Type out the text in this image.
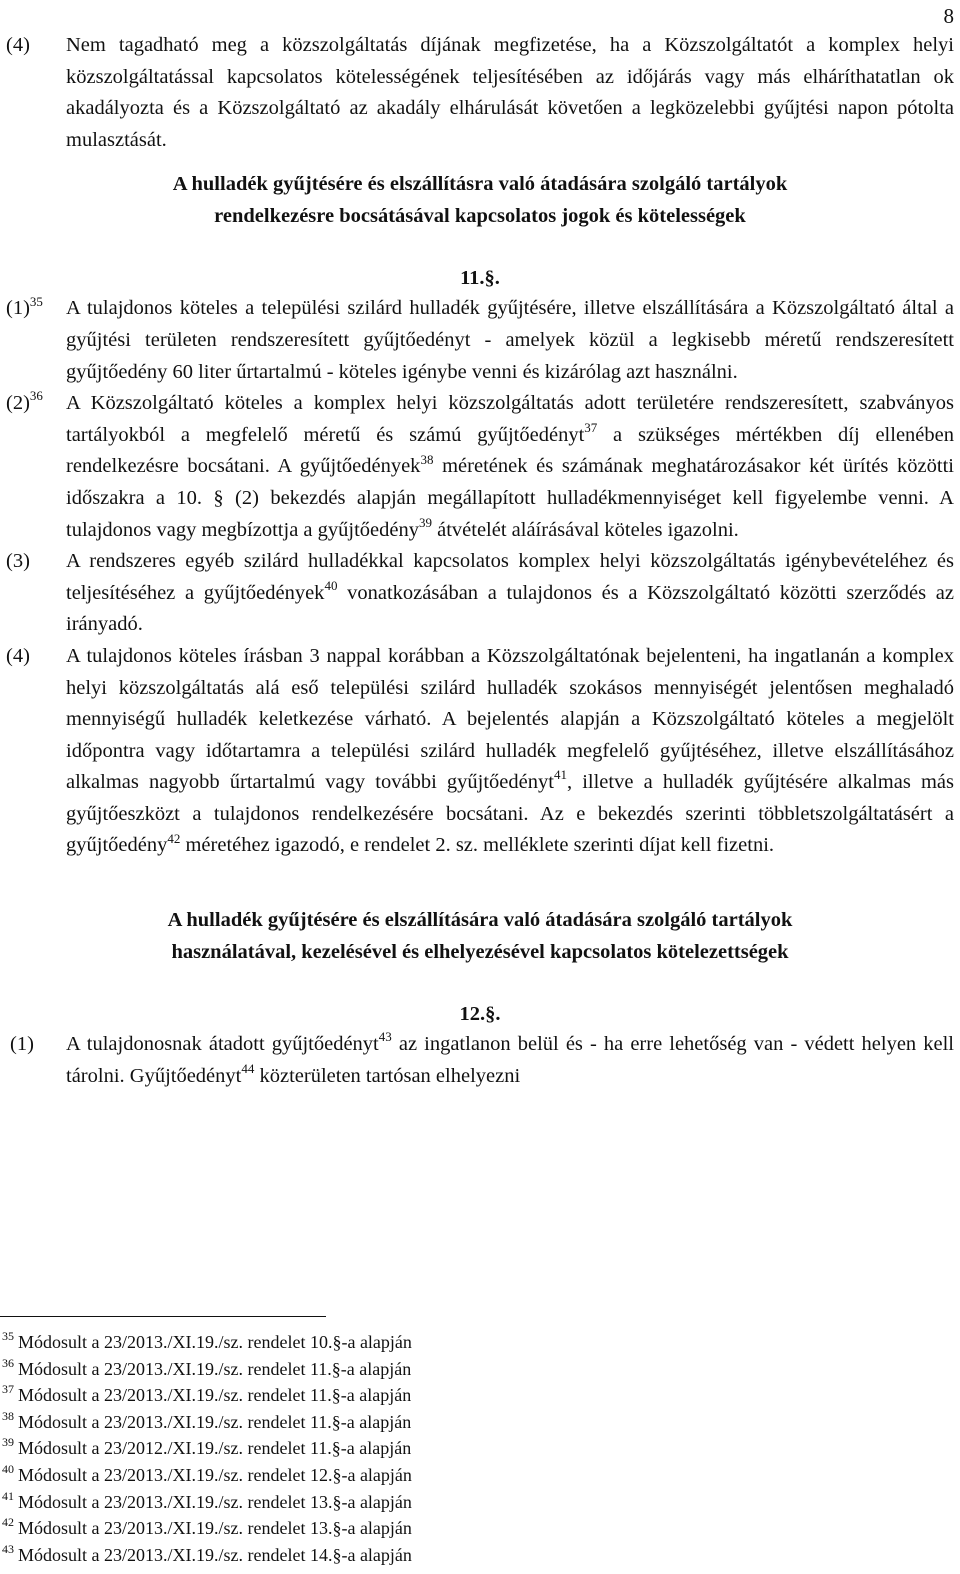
8
(4) Nem tagadható meg a közszolgáltatás díjának megfizetése, ha a Közszolgáltatót a komplex helyi közszolgáltatással kapcsolatos kötelességének teljesítésében az időjárás vagy más elháríthatatlan ok akadályozta és a Közszolgáltató az akadály elhárulását követően a legközelebbi gyűjtési napon pótolta mulasztását.
A hulladék gyűjtésére és elszállításra való átadására szolgáló tartályok
rendelkezésre bocsátásával kapcsolatos jogok és kötelességek
11.§.
$(1)^{35}$ A tulajdonos köteles a települési szilárd hulladék gyűjtésére, illetve elszállítására a Közszolgáltató által a gyűjtési területen rendszeresített gyűjtőedényt - amelyek közül a legkisebb méretű rendszeresített gyűjtőedény 60 liter űrtartalmú - köteles igénybe venni és kizárólag azt használni.
$(2)^{36}$ A Közszolgáltató köteles a komplex helyi közszolgáltatás adott területére rendszeresített, szabványos tartályokból a megfelelő méretű és számú gyűjtőedényt$^{37}$ a szükséges mértékben díj ellenében rendelkezésre bocsátani. A gyűjtőedények$^{38}$ méretének és számának meghatározásakor két ürítés közötti időszakra a 10. § (2) bekezdés alapján megállapított hulladékmennyiséget kell figyelembe venni. A tulajdonos vagy megbízottja a gyűjtőedény$^{39}$ átvételét aláírásával köteles igazolni.
(3) A rendszeres egyéb szilárd hulladékkal kapcsolatos komplex helyi közszolgáltatás igénybevételéhez és teljesítéséhez a gyűjtőedények$^{40}$ vonatkozásában a tulajdonos és a Közszolgáltató közötti szerződés az irányadó.
(4) A tulajdonos köteles írásban 3 nappal korábban a Közszolgáltatónak bejelenteni, ha ingatlanán a komplex helyi közszolgáltatás alá eső települési szilárd hulladék szokásos mennyiségét jelentősen meghaladó mennyiségű hulladék keletkezése várható. A bejelentés alapján a Közszolgáltató köteles a megjelölt időpontra vagy időtartamra a települési szilárd hulladék megfelelő gyűjtéséhez, illetve elszállításához alkalmas nagyobb űrtartalmú vagy további gyűjtőedényt$^{41}$, illetve a hulladék gyűjtésére alkalmas más gyűjtőeszközt a tulajdonos rendelkezésére bocsátani. Az e bekezdés szerinti többletszolgáltatásért a gyűjtőedény$^{42}$ méretéhez igazodó, e rendelet 2. sz. melléklete szerinti díjat kell fizetni.
A hulladék gyűjtésére és elszállítására való átadására szolgáló tartályok
használatával, kezelésével és elhelyezésével kapcsolatos kötelezettségek
12.§.
(1) A tulajdonosnak átadott gyűjtőedényt$^{43}$ az ingatlanon belül és - ha erre lehetőség van - védett helyen kell tárolni. Gyűjtőedényt$^{44}$ közterületen tartósan elhelyezni
$^{35}$ Módosult a 23/2013./XI.19./sz. rendelet 10.§-a alapján
$^{36}$ Módosult a 23/2013./XI.19./sz. rendelet 11.§-a alapján
$^{37}$ Módosult a 23/2013./XI.19./sz. rendelet 11.§-a alapján
$^{38}$ Módosult a 23/2013./XI.19./sz. rendelet 11.§-a alapján
$^{39}$ Módosult a 23/2012./XI.19./sz. rendelet 11.§-a alapján
$^{40}$ Módosult a 23/2013./XI.19./sz. rendelet 12.§-a alapján
$^{41}$ Módosult a 23/2013./XI.19./sz. rendelet 13.§-a alapján
$^{42}$ Módosult a 23/2013./XI.19./sz. rendelet 13.§-a alapján
$^{43}$ Módosult a 23/2013./XI.19./sz. rendelet 14.§-a alapján
